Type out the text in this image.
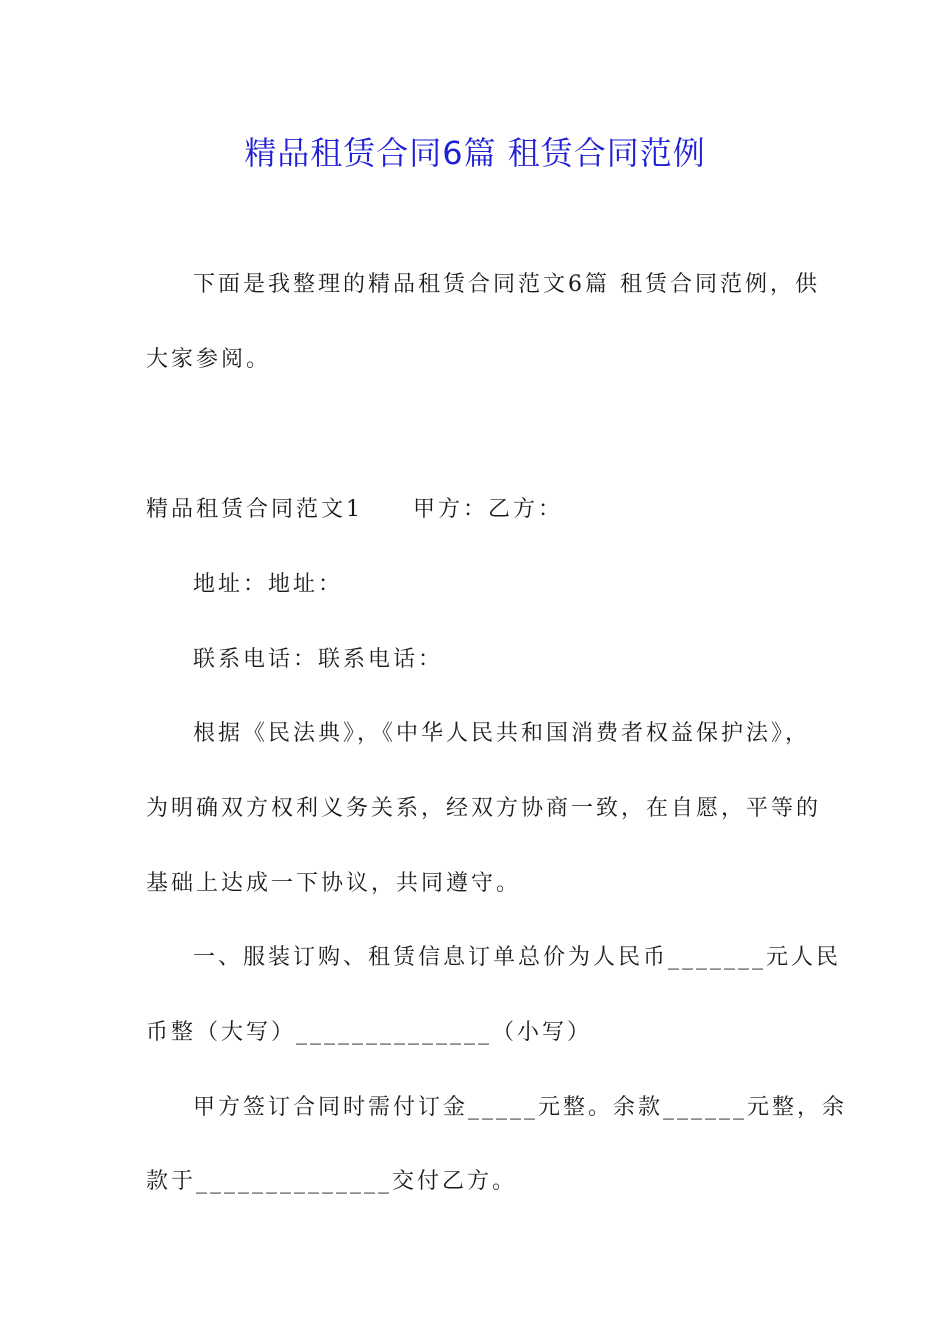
精品租赁合同6篇 租赁合同范例
下面是我整理的精品租赁合同范文6篇 租赁合同范例，供
大家参阅。
精品租赁合同范文1 甲方：乙方：
地址：地址：
联系电话：联系电话：
根据《民法典》，《中华人民共和国消费者权益保护法》，
为明确双方权利义务关系，经双方协商一致，在自愿，平等的
基础上达成一下协议，共同遵守。
一、服装订购、租赁信息订单总价为人民币_______元人民
币整（大写）______________（小写）
甲方签订合同时需付订金_____元整。余款______元整，余
款于______________交付乙方。
